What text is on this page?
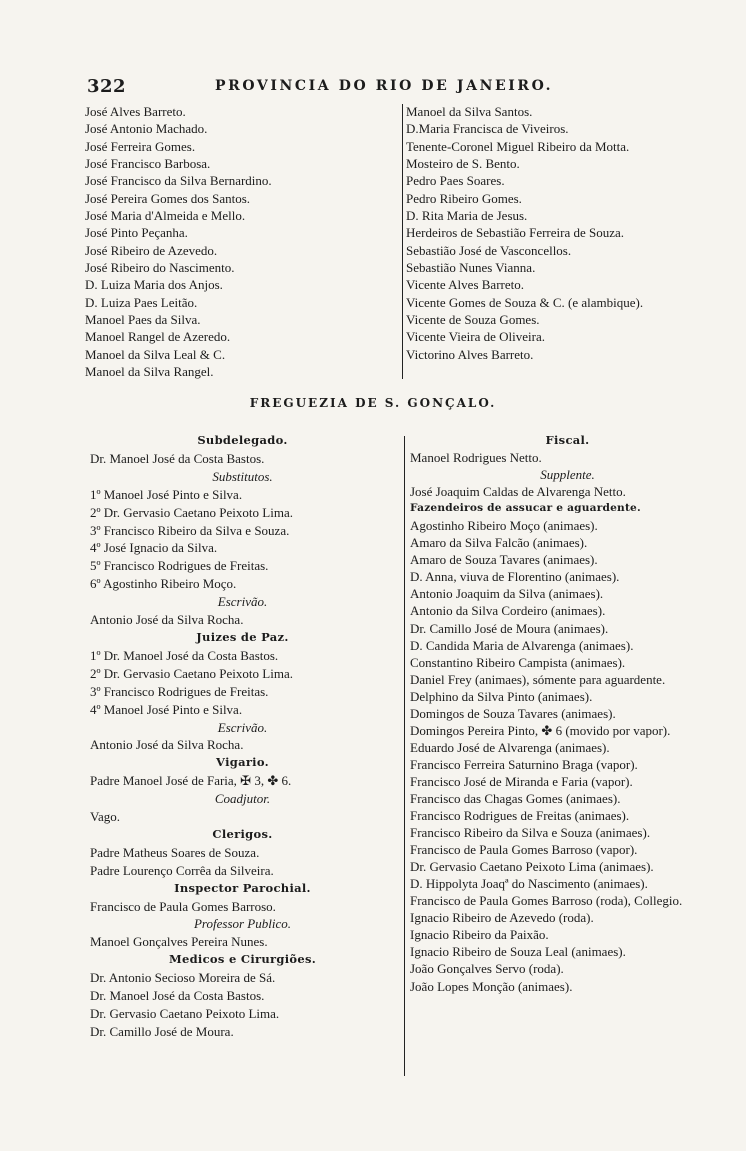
322	PROVINCIA DO RIO DE JANEIRO.
José Alves Barreto.
José Antonio Machado.
José Ferreira Gomes.
José Francisco Barbosa.
José Francisco da Silva Bernardino.
José Pereira Gomes dos Santos.
José Maria d'Almeida e Mello.
José Pinto Peçanha.
José Ribeiro de Azevedo.
José Ribeiro do Nascimento.
D. Luiza Maria dos Anjos.
D. Luiza Paes Leitão.
Manoel Paes da Silva.
Manoel Rangel de Azeredo.
Manoel da Silva Leal & C.
Manoel da Silva Rangel.
Manoel da Silva Santos.
D.Maria Francisca de Viveiros.
Tenente-Coronel Miguel Ribeiro da Motta.
Mosteiro de S. Bento.
Pedro Paes Soares.
Pedro Ribeiro Gomes.
D. Rita Maria de Jesus.
Herdeiros de Sebastião Ferreira de Souza.
Sebastião José de Vasconcellos.
Sebastião Nunes Vianna.
Vicente Alves Barreto.
Vicente Gomes de Souza & C. (e alambique).
Vicente de Souza Gomes.
Vicente Vieira de Oliveira.
Victorino Alves Barreto.
FREGUEZIA DE S. GONÇALO.
Subdelegado.
Dr. Manoel José da Costa Bastos.
Substitutos.
1º Manoel José Pinto e Silva.
2º Dr. Gervasio Caetano Peixoto Lima.
3º Francisco Ribeiro da Silva e Souza.
4º José Ignacio da Silva.
5º Francisco Rodrigues de Freitas.
6º Agostinho Ribeiro Moço.
Escrivão.
Antonio José da Silva Rocha.
Juizes de Paz.
1º Dr. Manoel José da Costa Bastos.
2º Dr. Gervasio Caetano Peixoto Lima.
3º Francisco Rodrigues de Freitas.
4º Manoel José Pinto e Silva.
Escrivão.
Antonio José da Silva Rocha.
Vigario.
Padre Manoel José de Faria, ✠ 3, ✤ 6.
Coadjutor.
Vago.
Clerigos.
Padre Matheus Soares de Souza.
Padre Lourenço Corrêa da Silveira.
Inspector Parochial.
Francisco de Paula Gomes Barroso.
Professor Publico.
Manoel Gonçalves Pereira Nunes.
Medicos e Cirurgiões.
Dr. Antonio Secioso Moreira de Sá.
Dr. Manoel José da Costa Bastos.
Dr. Gervasio Caetano Peixoto Lima.
Dr. Camillo José de Moura.
Fiscal.
Manoel Rodrigues Netto.
Supplente.
José Joaquim Caldas de Alvarenga Netto.
Fazendeiros de assucar e aguardente.
Agostinho Ribeiro Moço (animaes).
Amaro da Silva Falcão (animaes).
Amaro de Souza Tavares (animaes).
D. Anna, viuva de Florentino (animaes).
Antonio Joaquim da Silva (animaes).
Antonio da Silva Cordeiro (animaes).
Dr. Camillo José de Moura (animaes).
D. Candida Maria de Alvarenga (animaes).
Constantino Ribeiro Campista (animaes).
Daniel Frey (animaes), sómente para aguardente.
Delphino da Silva Pinto (animaes).
Domingos de Souza Tavares (animaes).
Domingos Pereira Pinto, ✤ 6 (movido por vapor).
Eduardo José de Alvarenga (animaes).
Francisco Ferreira Saturnino Braga (vapor).
Francisco José de Miranda e Faria (vapor).
Francisco das Chagas Gomes (animaes).
Francisco Rodrigues de Freitas (animaes).
Francisco Ribeiro da Silva e Souza (animaes).
Francisco de Paula Gomes Barroso (vapor).
Dr. Gervasio Caetano Peixoto Lima (animaes).
D. Hippolyta Joaqª do Nascimento (animaes).
Francisco de Paula Gomes Barroso (roda), Collegio.
Ignacio Ribeiro de Azevedo (roda).
Ignacio Ribeiro da Paixão.
Ignacio Ribeiro de Souza Leal (animaes).
João Gonçalves Servo (roda).
João Lopes Monção (animaes).
